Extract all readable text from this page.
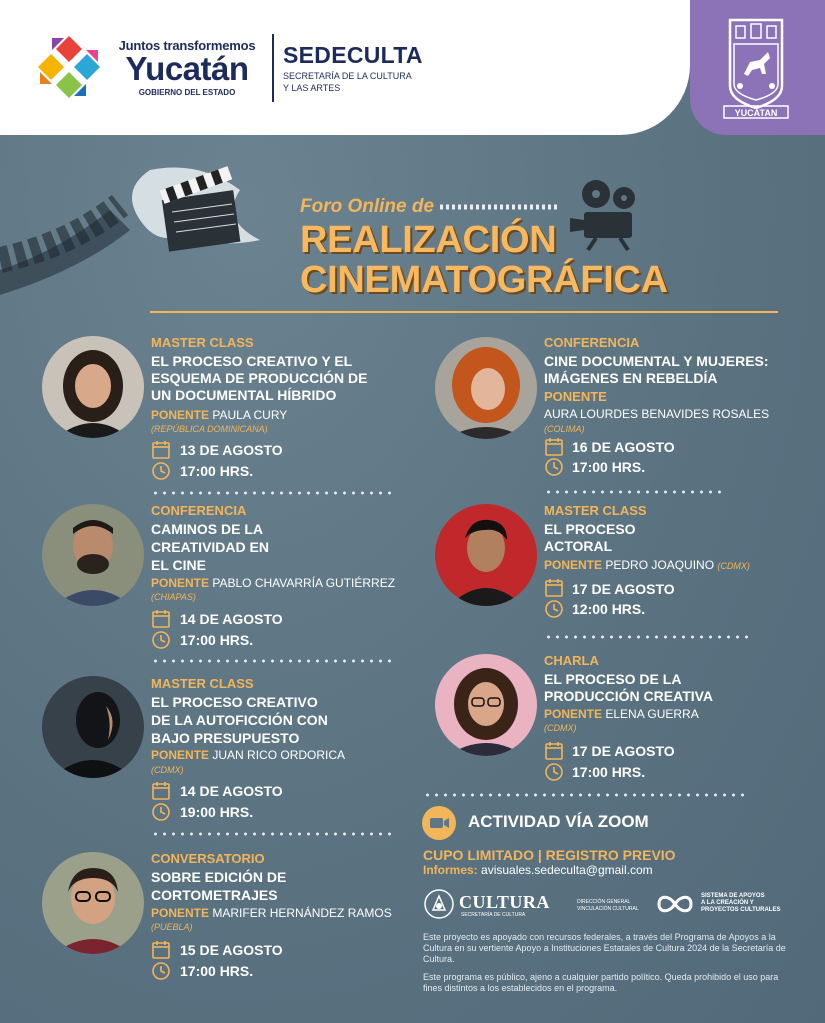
Juntos transformemos
Yucatán
GOBIERNO DEL ESTADO
SEDECULTA
SECRETARÍA DE LA CULTURA
Y LAS ARTES
YUCATAN
Foro Online de
REALIZACIÓN
CINEMATOGRÁFICA
MASTER CLASS
EL PROCESO CREATIVO Y EL
ESQUEMA DE PRODUCCIÓN DE
UN DOCUMENTAL HÍBRIDO
PONENTE PAULA CURY
(REPÚBLICA DOMINICANA)
13 DE AGOSTO
17:00 HRS.
CONFERENCIA
CAMINOS DE LA
CREATIVIDAD EN
EL CINE
PONENTE PABLO CHAVARRÍA GUTIÉRREZ
(CHIAPAS)
14 DE AGOSTO
17:00 HRS.
MASTER CLASS
EL PROCESO CREATIVO
DE LA AUTOFICCIÓN CON
BAJO PRESUPUESTO
PONENTE JUAN RICO ORDORICA
(CDMX)
14 DE AGOSTO
19:00 HRS.
CONVERSATORIO
SOBRE EDICIÓN DE
CORTOMETRAJES
PONENTE MARIFER HERNÁNDEZ RAMOS
(PUEBLA)
15 DE AGOSTO
17:00 HRS.
CONFERENCIA
CINE DOCUMENTAL Y MUJERES:
IMÁGENES EN REBELDÍA
PONENTE
AURA LOURDES BENAVIDES ROSALES
(COLIMA)
16 DE AGOSTO
17:00 HRS.
MASTER CLASS
EL PROCESO
ACTORAL
PONENTE PEDRO JOAQUINO (CDMX)
17 DE AGOSTO
12:00 HRS.
CHARLA
EL PROCESO DE LA
PRODUCCIÓN CREATIVA
PONENTE ELENA GUERRA
(CDMX)
17 DE AGOSTO
17:00 HRS.
ACTIVIDAD VÍA ZOOM
CUPO LIMITADO | REGISTRO PREVIO
Informes: avisuales.sedeculta@gmail.com
CULTURA
SECRETARÍA DE CULTURA
DIRECCIÓN GENERAL
VINCULACIÓN CULTURAL
SISTEMA DE APOYOS
A LA CREACIÓN Y
PROYECTOS CULTURALES
Este proyecto es apoyado con recursos federales, a través del Programa de Apoyos a la Cultura en su vertiente Apoyo a Instituciones Estatales de Cultura 2024 de la Secretaría de Cultura.
Este programa es público, ajeno a cualquier partido político. Queda prohibido el uso para fines distintos a los establecidos en el programa.
